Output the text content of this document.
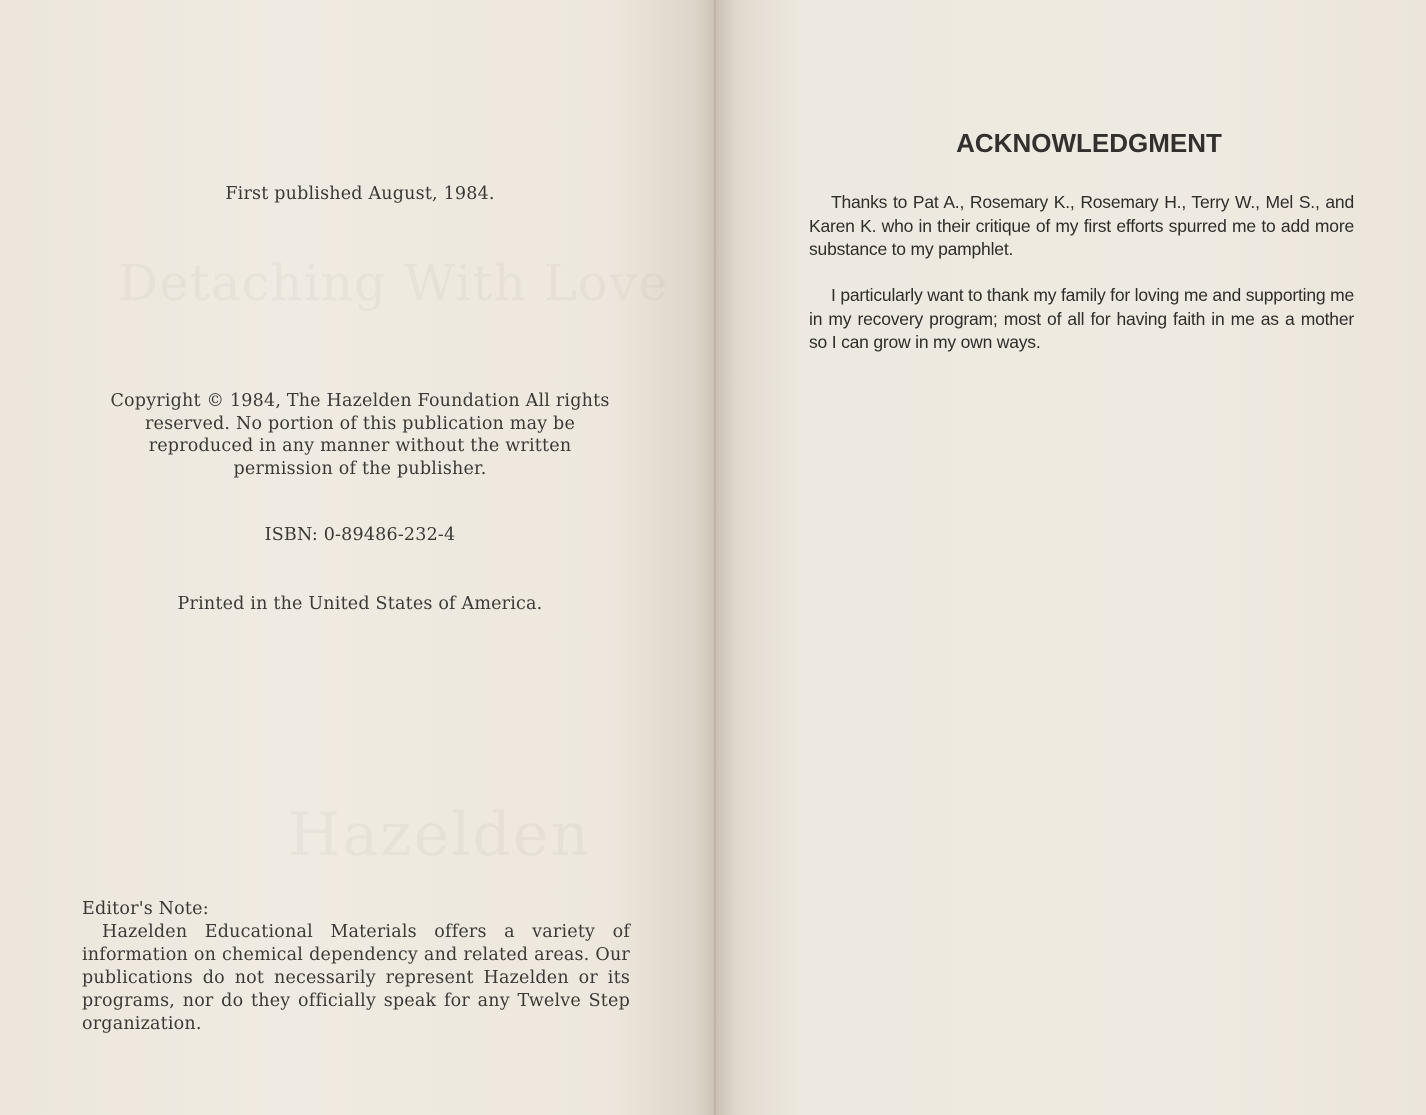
Detaching With Love
Hazelden
First published August, 1984.
Copyright © 1984, The Hazelden Foundation All rights reserved. No portion of this publication may be reproduced in any manner without the written permission of the publisher.
ISBN: 0-89486-232-4
Printed in the United States of America.
Editor's Note:
Hazelden Educational Materials offers a variety of information on chemical dependency and related areas. Our publications do not necessarily represent Hazelden or its programs, nor do they officially speak for any Twelve Step organization.
ACKNOWLEDGMENT
Thanks to Pat A., Rosemary K., Rosemary H., Terry W., Mel S., and Karen K. who in their critique of my first efforts spurred me to add more substance to my pamphlet.
I particularly want to thank my family for loving me and supporting me in my recovery program; most of all for having faith in me as a mother so I can grow in my own ways.
